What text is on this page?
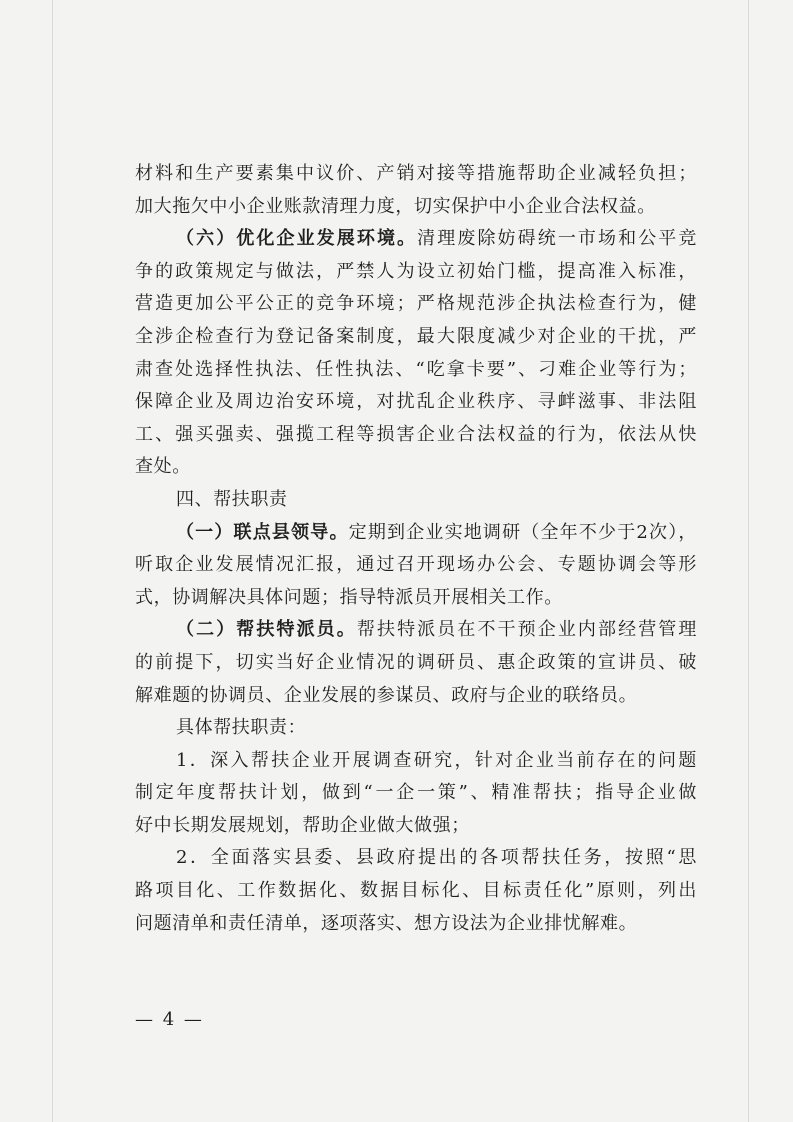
材料和生产要素集中议价、产销对接等措施帮助企业减轻负担；
加大拖欠中小企业账款清理力度，切实保护中小企业合法权益。
（六）优化企业发展环境。清理废除妨碍统一市场和公平竞
争的政策规定与做法，严禁人为设立初始门槛，提高准入标准，
营造更加公平公正的竞争环境；严格规范涉企执法检查行为，健
全涉企检查行为登记备案制度，最大限度减少对企业的干扰，严
肃查处选择性执法、任性执法、“吃拿卡要”、刁难企业等行为；
保障企业及周边治安环境，对扰乱企业秩序、寻衅滋事、非法阻
工、强买强卖、强揽工程等损害企业合法权益的行为，依法从快
查处。
四、帮扶职责
（一）联点县领导。定期到企业实地调研（全年不少于2次），
听取企业发展情况汇报，通过召开现场办公会、专题协调会等形
式，协调解决具体问题；指导特派员开展相关工作。
（二）帮扶特派员。帮扶特派员在不干预企业内部经营管理
的前提下，切实当好企业情况的调研员、惠企政策的宣讲员、破
解难题的协调员、企业发展的参谋员、政府与企业的联络员。
具体帮扶职责：
1．深入帮扶企业开展调查研究，针对企业当前存在的问题
制定年度帮扶计划，做到“一企一策”、精准帮扶；指导企业做
好中长期发展规划，帮助企业做大做强；
2．全面落实县委、县政府提出的各项帮扶任务，按照“思
路项目化、工作数据化、数据目标化、目标责任化”原则，列出
问题清单和责任清单，逐项落实、想方设法为企业排忧解难。
— 4 —
